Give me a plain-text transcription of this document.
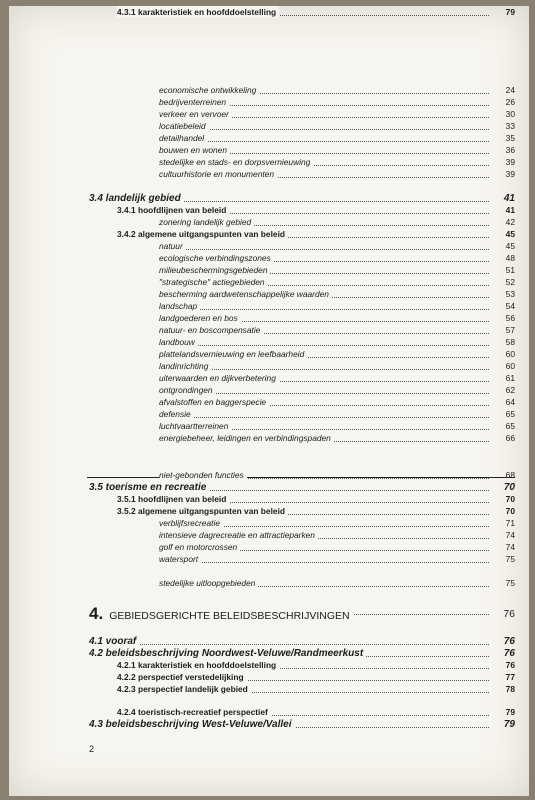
2
economische ontwikkeling	24
bedrijventerreinen	26
verkeer en vervoer	30
locatiebeleid	33
detailhandel	35
bouwen en wonen	36
stedelijke en stads- en dorpsvernieuwing	39
cultuurhistorie en monumenten	39
3.4 landelijk gebied	41
3.4.1 hoofdlijnen van beleid	41
zonering landelijk gebied	42
3.4.2 algemene uitgangspunten van beleid	45
natuur	45
ecologische verbindingszones	48
milieubeschermingsgebieden	51
"strategische" actiegebieden	52
bescherming aardwetenschappelijke waarden	53
landschap	54
landgoederen en bos	56
natuur- en boscompensatie	57
landbouw	58
plattelandsvernieuwing en leefbaarheid	60
landinrichting	60
uiterwaarden en dijkverbetering	61
ontgrondingen	62
afvalstoffen en baggerspecie	64
defensie	65
luchtvaartterreinen	65
energiebeheer, leidingen en verbindingspaden	66
niet-gebonden functies	68
3.5 toerisme en recreatie	70
3.5.1 hoofdlijnen van beleid	70
3.5.2 algemene uitgangspunten van beleid	70
verblijfsrecreatie	71
intensieve dagrecreatie en attractieparken	74
golf en motorcrossen	74
watersport	75
stedelijke uitloopgebieden	75
4. GEBIEDSGERICHTE BELEIDSBESCHRIJVINGEN	76
4.1 vooraf	76
4.2 beleidsbeschrijving Noordwest-Veluwe/Randmeerkust	76
4.2.1 karakteristiek en hoofddoelstelling	76
4.2.2 perspectief verstedelijking	77
4.2.3 perspectief landelijk gebied	78
4.2.4 toeristisch-recreatief perspectief	79
4.3 beleidsbeschrijving West-Veluwe/Vallei	79
4.3.1 karakteristiek en hoofddoelstelling	79
